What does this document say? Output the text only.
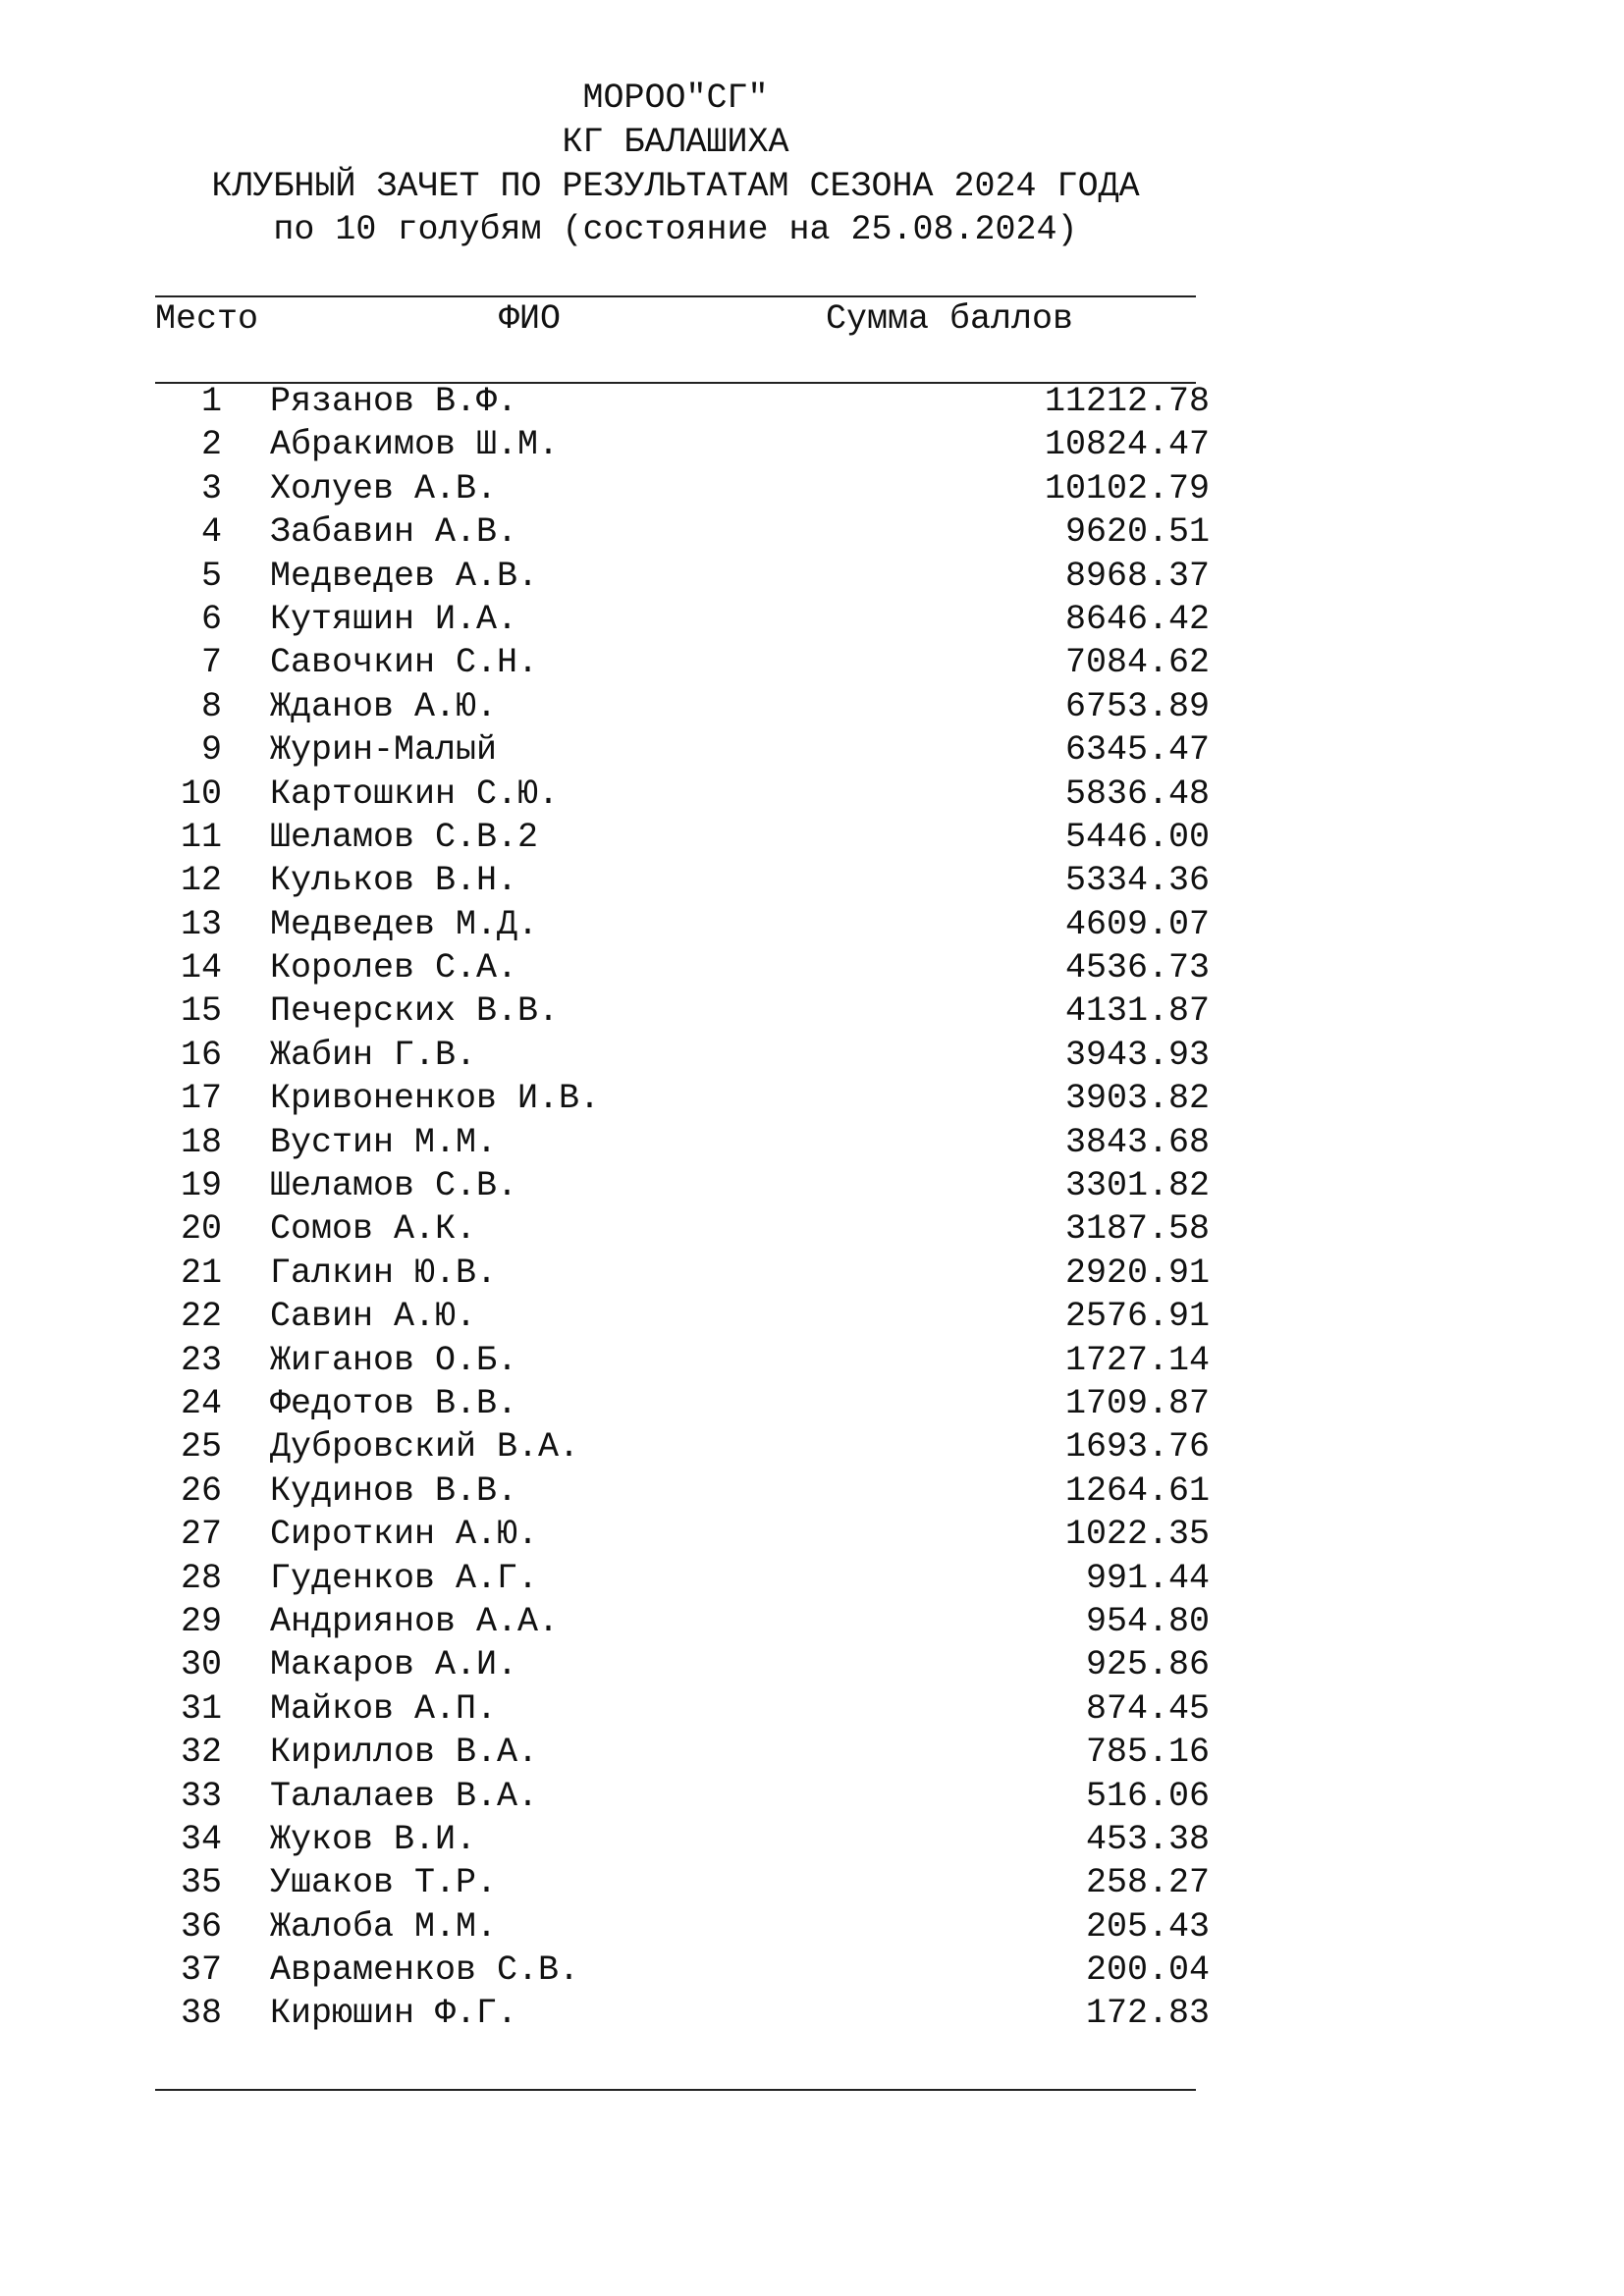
МОРОО"СГ"
КГ БАЛАШИХА
КЛУБНЫЙ ЗАЧЕТ ПО РЕЗУЛЬТАТАМ СЕЗОНА 2024 ГОДА
по 10 голубям (состояние на 25.08.2024)
Место	ФИО	Сумма баллов
1 Рязанов В.Ф.	11212.78
2 Абракимов Ш.М.	10824.47
3 Холуев А.В.	10102.79
4 Забавин А.В.	9620.51
5 Медведев А.В.	8968.37
6 Кутяшин И.А.	8646.42
7 Савочкин С.Н.	7084.62
8 Жданов А.Ю.	6753.89
9 Журин-Малый	6345.47
10 Картошкин С.Ю.	5836.48
11 Шеламов С.В.2	5446.00
12 Кульков В.Н.	5334.36
13 Медведев М.Д.	4609.07
14 Королев С.А.	4536.73
15 Печерских В.В.	4131.87
16 Жабин Г.В.	3943.93
17 Кривоненков И.В.	3903.82
18 Вустин М.М.	3843.68
19 Шеламов С.В.	3301.82
20 Сомов А.К.	3187.58
21 Галкин Ю.В.	2920.91
22 Савин А.Ю.	2576.91
23 Жиганов О.Б.	1727.14
24 Федотов В.В.	1709.87
25 Дубровский В.А.	1693.76
26 Кудинов В.В.	1264.61
27 Сироткин А.Ю.	1022.35
28 Гуденков А.Г.	991.44
29 Андриянов А.А.	954.80
30 Макаров А.И.	925.86
31 Майков А.П.	874.45
32 Кириллов В.А.	785.16
33 Талалаев В.А.	516.06
34 Жуков В.И.	453.38
35 Ушаков Т.Р.	258.27
36 Жалоба М.М.	205.43
37 Авраменков С.В.	200.04
38 Кирюшин Ф.Г.	172.83
